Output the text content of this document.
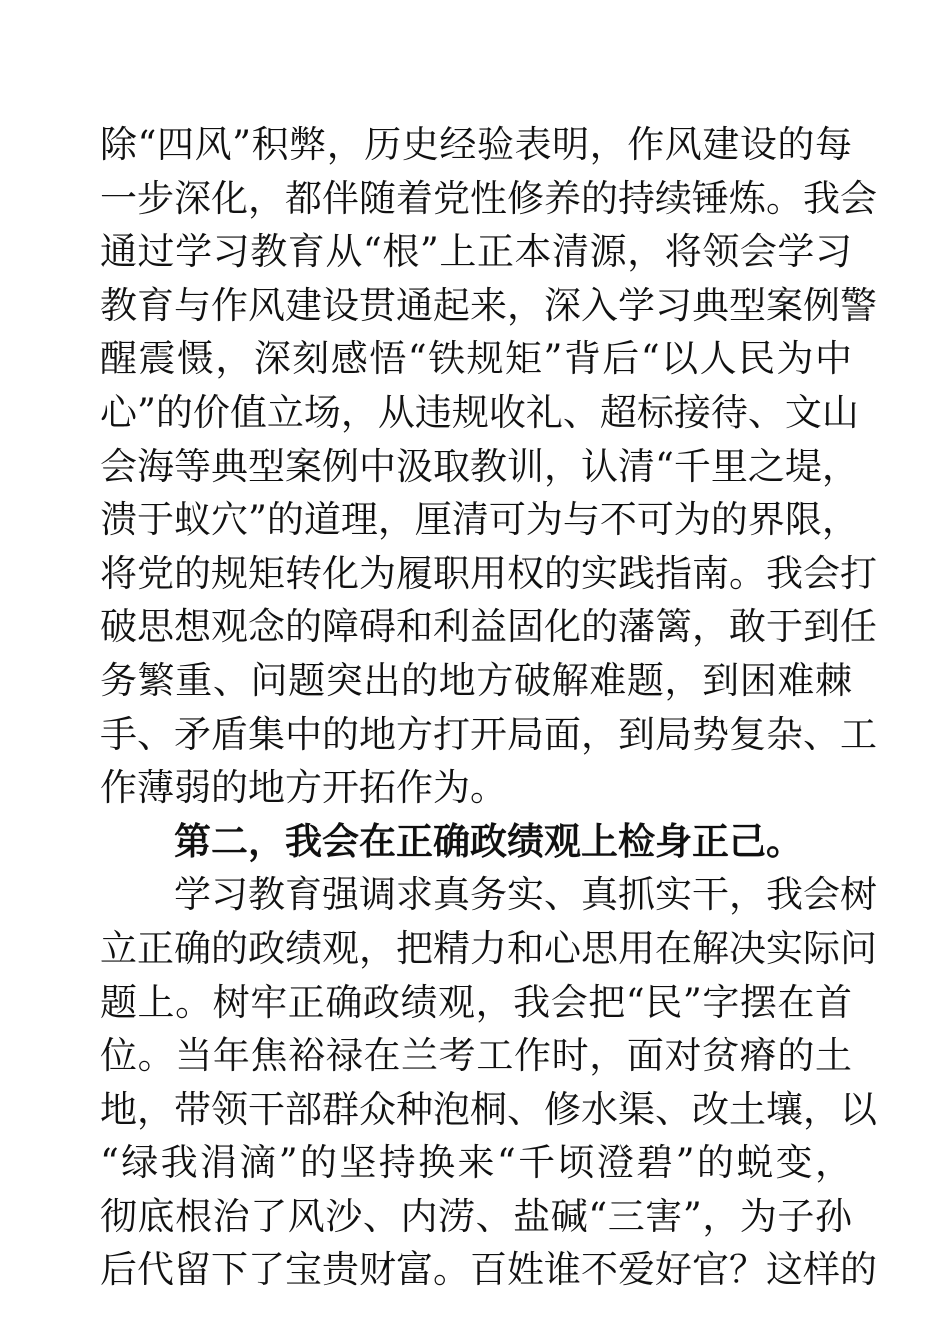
除“四风”积弊，历史经验表明，作风建设的每
一步深化，都伴随着党性修养的持续锤炼。我会
通过学习教育从“根”上正本清源，将领会学习
教育与作风建设贯通起来，深入学习典型案例警
醒震慑，深刻感悟“铁规矩”背后“以人民为中
心”的价值立场，从违规收礼、超标接待、文山
会海等典型案例中汲取教训，认清“千里之堤，
溃于蚁穴”的道理，厘清可为与不可为的界限，
将党的规矩转化为履职用权的实践指南。我会打
破思想观念的障碍和利益固化的藩篱，敢于到任
务繁重、问题突出的地方破解难题，到困难棘
手、矛盾集中的地方打开局面，到局势复杂、工
作薄弱的地方开拓作为。
第二，我会在正确政绩观上检身正己。
学习教育强调求真务实、真抓实干，我会树
立正确的政绩观，把精力和心思用在解决实际问
题上。树牢正确政绩观，我会把“民”字摆在首
位。当年焦裕禄在兰考工作时，面对贫瘠的土
地，带领干部群众种泡桐、修水渠、改土壤，以
“绿我涓滴”的坚持换来“千顷澄碧”的蜕变，
彻底根治了风沙、内涝、盐碱“三害”，为子孙
后代留下了宝贵财富。百姓谁不爱好官？这样的
